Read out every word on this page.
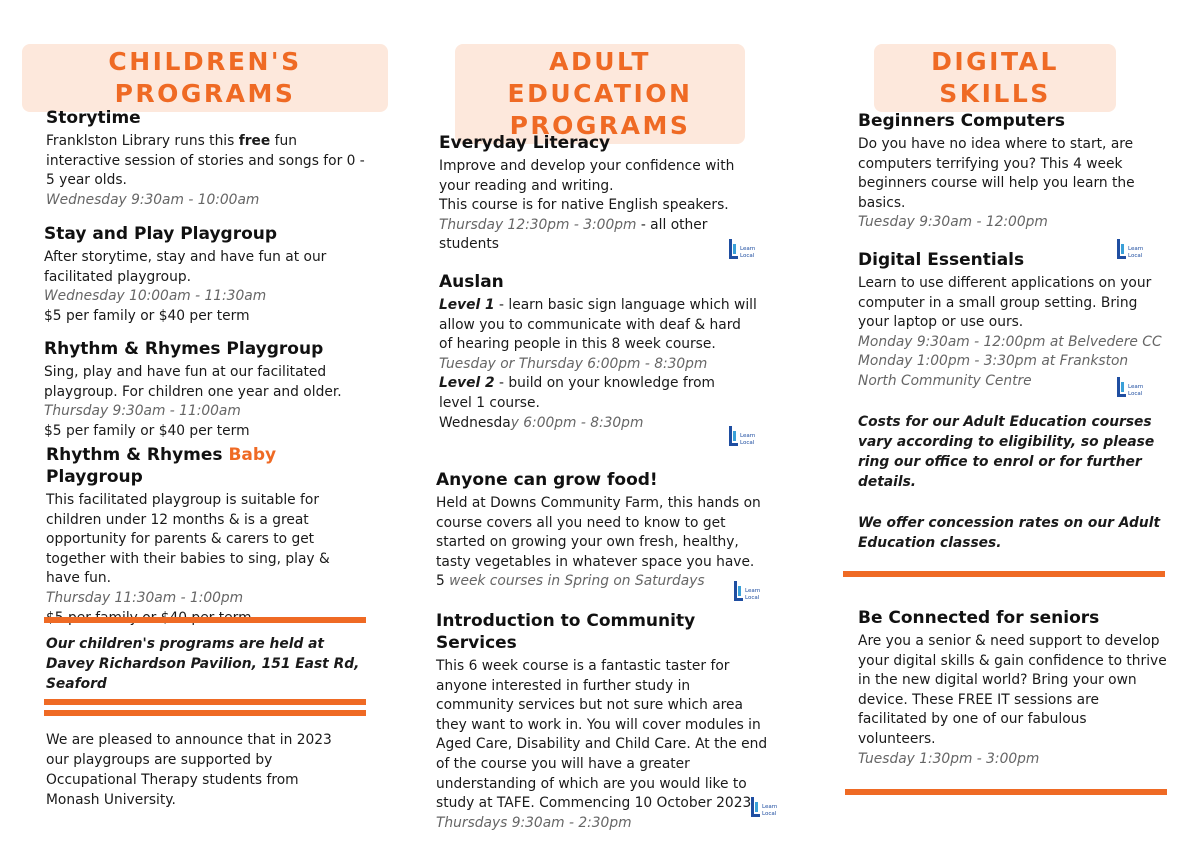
CHILDREN'S PROGRAMS
Storytime

Franklston Library runs this free fun interactive session of stories and songs for 0 - 5 year olds.

Wednesday 9:30am - 10:00am

Stay and Play Playgroup

After storytime, stay and have fun at our facilitated playgroup.

Wednesday 10:00am - 11:30am

$5 per family or $40 per term

Rhythm & Rhymes Playgroup

Sing, play and have fun at our facilitated playgroup. For children one year and older.

Thursday 9:30am - 11:00am

$5 per family or $40 per term

Rhythm & Rhymes Baby Playgroup

This facilitated playgroup is suitable for children under 12 months & is a great opportunity for parents & carers to get together with their babies to sing, play & have fun.

Thursday 11:30am - 1:00pm

Our children's programs are held at Davey Richardson Pavilion, 151 East Rd, Seaford
We are pleased to announce that in 2023 our playgroups are supported by Occupational Therapy students from Monash University.
ADULT EDUCATION
PROGRAMS
Everyday Literacy

Improve and develop your confidence with your reading and writing.

This course is for native English speakers.

Thursday 12:30pm - 3:00pm - all other students

Auslan

Level 1 - learn basic sign language which will allow you to communicate with deaf & hard of hearing people in this 8 week course.

Tuesday or Thursday 6:00pm - 8:30pm

Level 2 - build on your knowledge from level 1 course.

Wednesday 6:00pm - 8:30pm

Anyone can grow food!

Held at Downs Community Farm, this hands on course covers all you need to know to get started on growing your own fresh, healthy, tasty vegetables in whatever space you have.

5 week courses in Spring on Saturdays

Introduction to Community Services

This 6 week course is a fantastic taster for anyone interested in further study in community services but not sure which area they want to work in. You will cover modules in Aged Care, Disability and Child Care. At the end of the course you will have a greater understanding of which are you would like to study at TAFE. Commencing 10 October 2023

Thursdays 9:30am - 2:30pm

Learn
Local
Learn
Local
Learn
Local
Learn
Local
Learn
Local
Learn
Local
DIGITAL SKILLS
Beginners Computers

Do you have no idea where to start, are computers terrifying you? This 4 week beginners course will help you learn the basics.

Tuesday 9:30am - 12:00pm

Digital Essentials

Learn to use different applications on your computer in a small group setting. Bring your laptop or use ours.

Monday 9:30am - 12:00pm at Belvedere CC

Monday 1:00pm - 3:30pm at Frankston North Community Centre

Costs for our Adult Education courses vary according to eligibility, so please ring our office to enrol or for further details.
We offer concession rates on our Adult Education classes.
Be Connected for seniors

Are you a senior & need support to develop your digital skills & gain confidence to thrive in the new digital world? Bring your own device. These FREE IT sessions are facilitated by one of our fabulous volunteers.

Tuesday 1:30pm - 3:00pm
